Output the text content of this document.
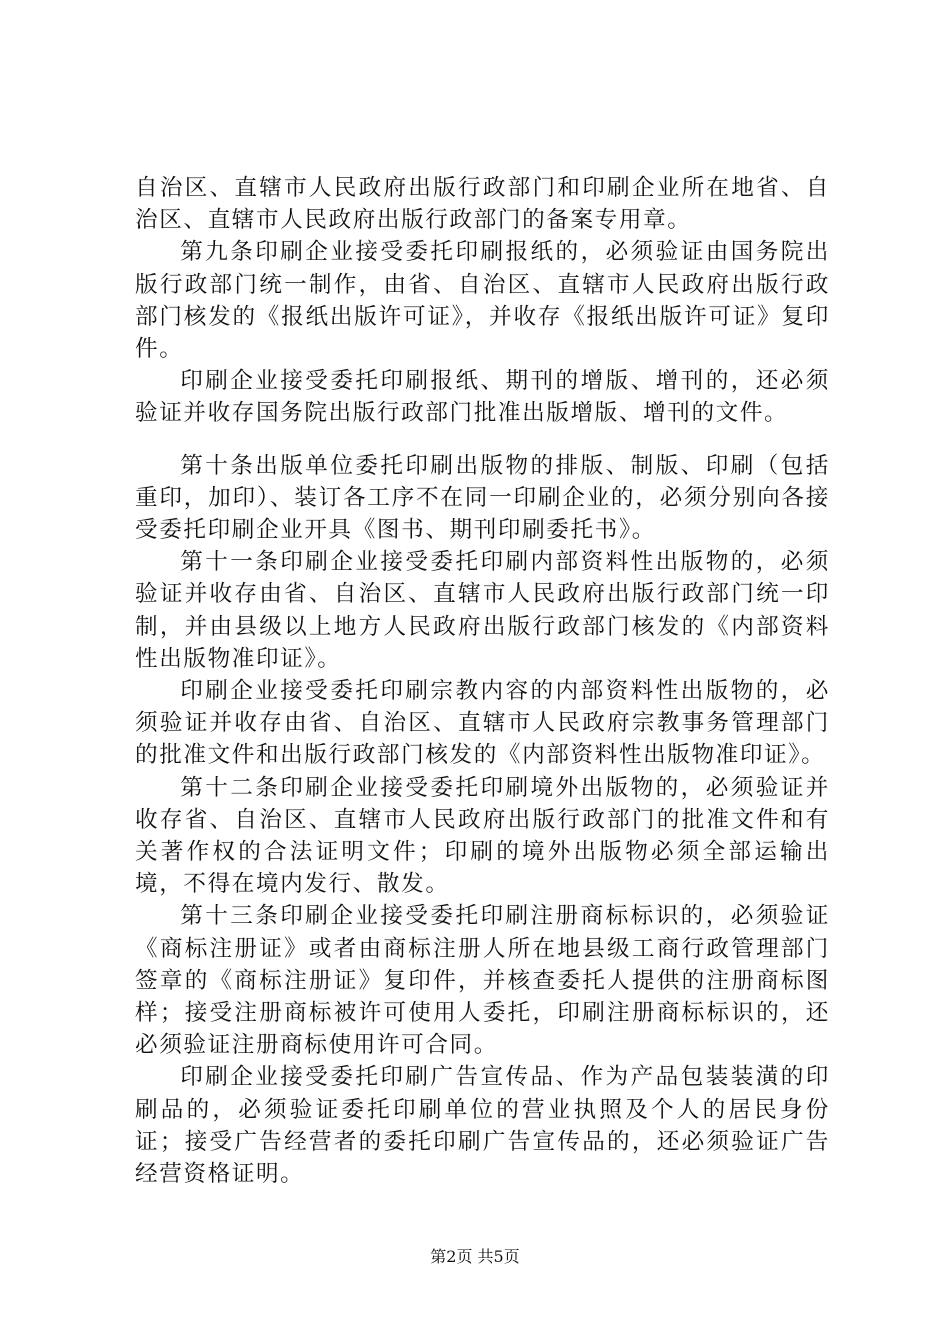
自治区、直辖市人民政府出版行政部门和印刷企业所在地省、自治区、直辖市人民政府出版行政部门的备案专用章。

第九条印刷企业接受委托印刷报纸的，必须验证由国务院出版行政部门统一制作，由省、自治区、直辖市人民政府出版行政部门核发的《报纸出版许可证》，并收存《报纸出版许可证》复印件。

印刷企业接受委托印刷报纸、期刊的增版、增刊的，还必须验证并收存国务院出版行政部门批准出版增版、增刊的文件。

第十条出版单位委托印刷出版物的排版、制版、印刷（包括重印，加印）、装订各工序不在同一印刷企业的，必须分别向各接受委托印刷企业开具《图书、期刊印刷委托书》。

第十一条印刷企业接受委托印刷内部资料性出版物的，必须验证并收存由省、自治区、直辖市人民政府出版行政部门统一印制，并由县级以上地方人民政府出版行政部门核发的《内部资料性出版物准印证》。

印刷企业接受委托印刷宗教内容的内部资料性出版物的，必须验证并收存由省、自治区、直辖市人民政府宗教事务管理部门的批准文件和出版行政部门核发的《内部资料性出版物准印证》。

第十二条印刷企业接受委托印刷境外出版物的，必须验证并收存省、自治区、直辖市人民政府出版行政部门的批准文件和有关著作权的合法证明文件；印刷的境外出版物必须全部运输出境，不得在境内发行、散发。

第十三条印刷企业接受委托印刷注册商标标识的，必须验证《商标注册证》或者由商标注册人所在地县级工商行政管理部门签章的《商标注册证》复印件，并核查委托人提供的注册商标图样；接受注册商标被许可使用人委托，印刷注册商标标识的，还必须验证注册商标使用许可合同。

印刷企业接受委托印刷广告宣传品、作为产品包装装潢的印刷品的，必须验证委托印刷单位的营业执照及个人的居民身份证；接受广告经营者的委托印刷广告宣传品的，还必须验证广告经营资格证明。

第2页 共5页
